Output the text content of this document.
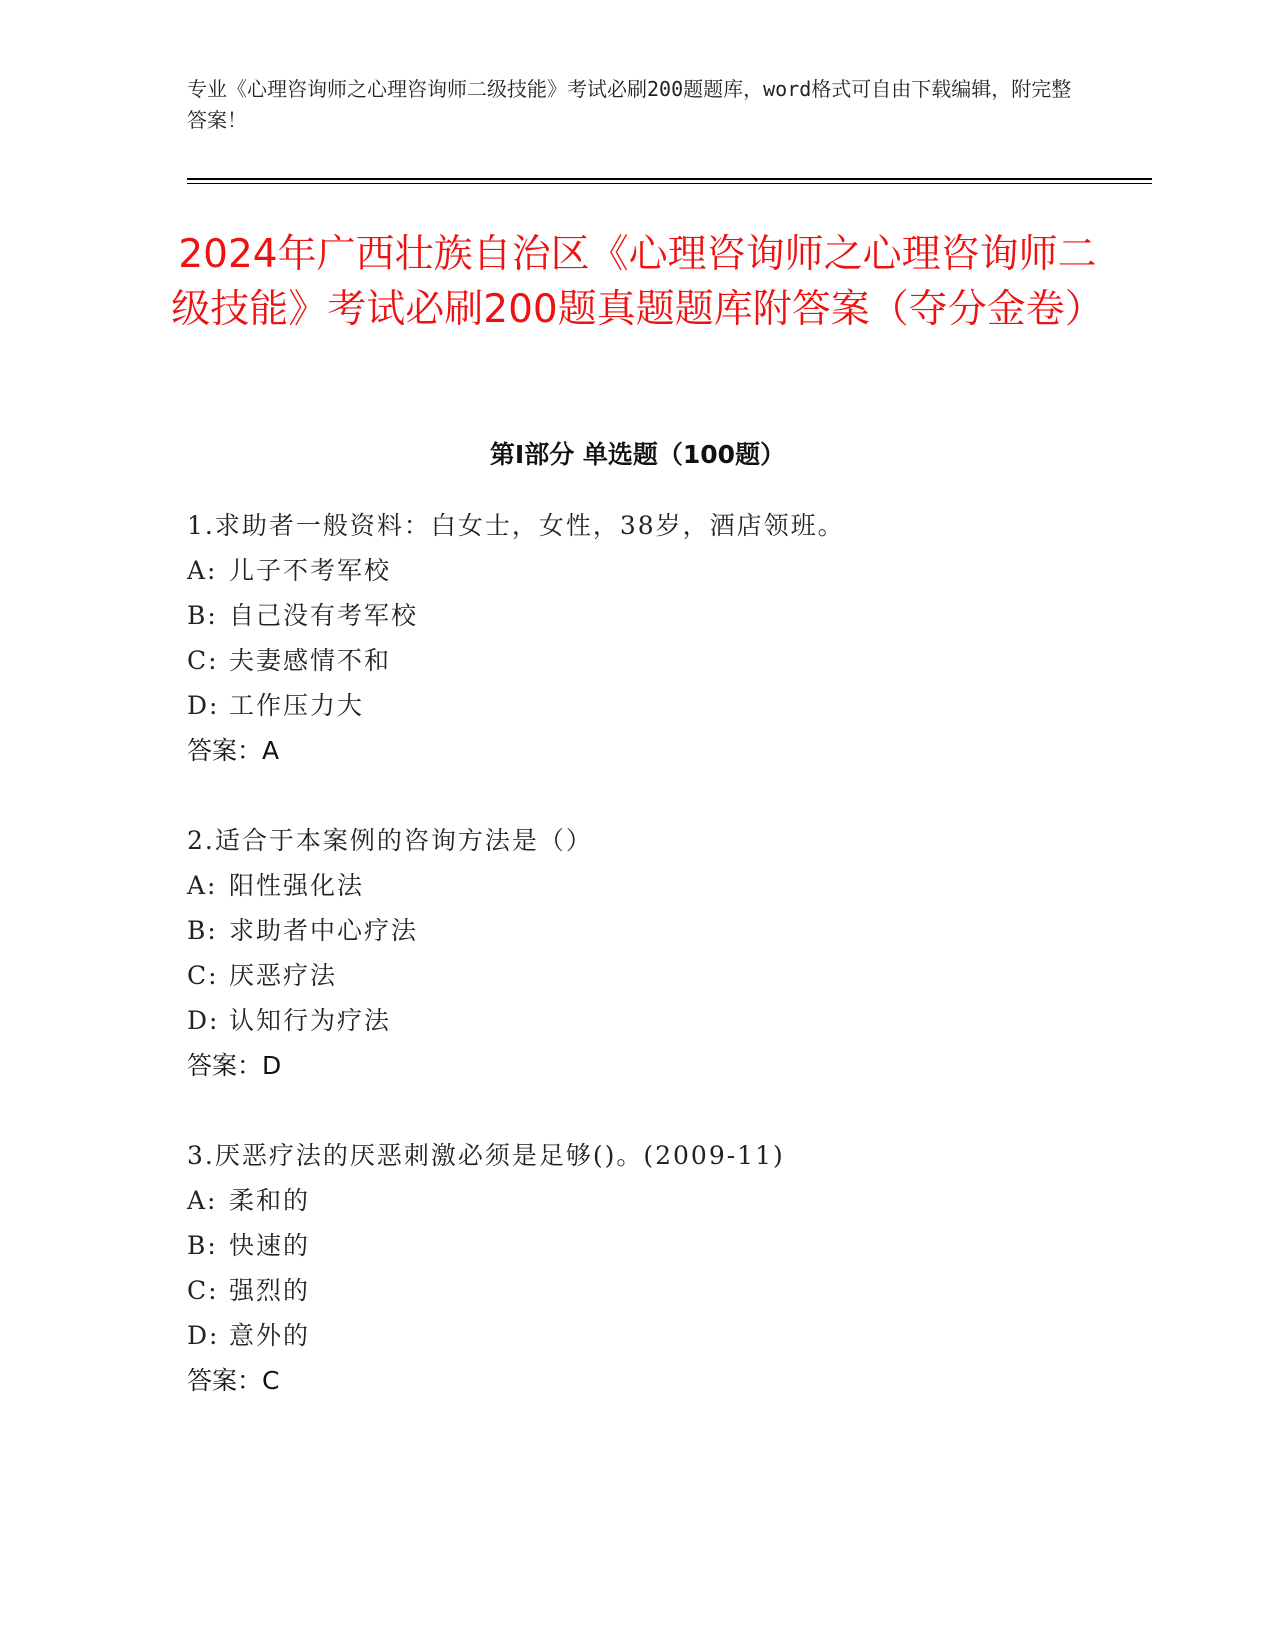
专业《心理咨询师之心理咨询师二级技能》考试必刷200题题库，word格式可自由下载编辑，附完整答案！
2024年广西壮族自治区《心理咨询师之心理咨询师二级技能》考试必刷200题真题题库附答案（夺分金卷）
第Ⅰ部分 单选题（100题）
1.求助者一般资料：白女士，女性，38岁，酒店领班。
A: 儿子不考军校
B: 自己没有考军校
C: 夫妻感情不和
D: 工作压力大
答案：A
2.适合于本案例的咨询方法是（）
A: 阳性强化法
B: 求助者中心疗法
C: 厌恶疗法
D: 认知行为疗法
答案：D
3.厌恶疗法的厌恶刺激必须是足够()。(2009-11)
A: 柔和的
B: 快速的
C: 强烈的
D: 意外的
答案：C
